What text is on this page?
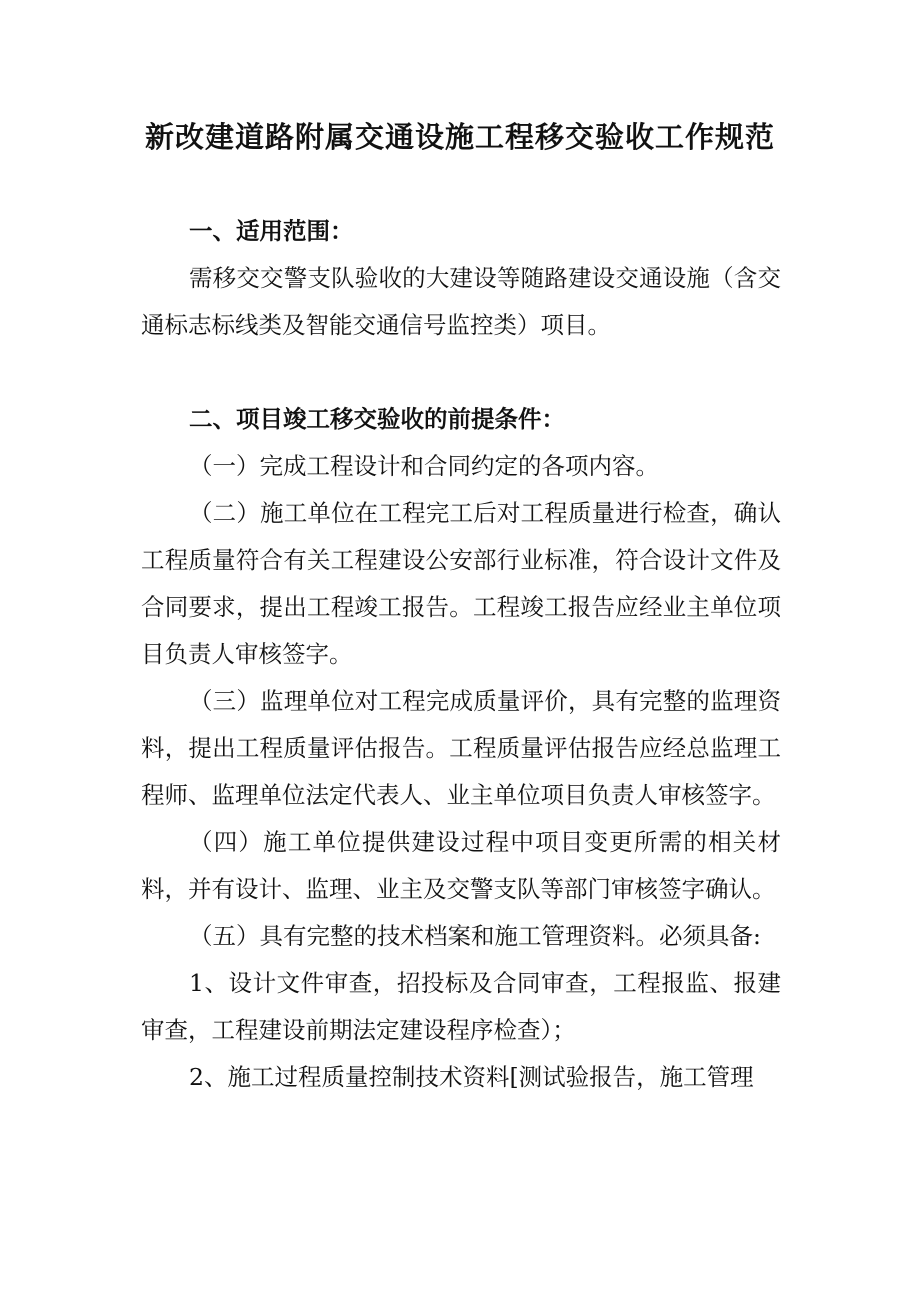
新改建道路附属交通设施工程移交验收工作规范

一、适用范围：

需移交交警支队验收的大建设等随路建设交通设施（含交通标志标线类及智能交通信号监控类）项目。

二、项目竣工移交验收的前提条件：

（一）完成工程设计和合同约定的各项内容。

（二）施工单位在工程完工后对工程质量进行检查，确认工程质量符合有关工程建设公安部行业标准，符合设计文件及合同要求，提出工程竣工报告。工程竣工报告应经业主单位项目负责人审核签字。

（三）监理单位对工程完成质量评价，具有完整的监理资料，提出工程质量评估报告。工程质量评估报告应经总监理工程师、监理单位法定代表人、业主单位项目负责人审核签字。

（四）施工单位提供建设过程中项目变更所需的相关材料，并有设计、监理、业主及交警支队等部门审核签字确认。

（五）具有完整的技术档案和施工管理资料。必须具备:

1、设计文件审查，招投标及合同审查，工程报监、报建审查，工程建设前期法定建设程序检查）；

2、施工过程质量控制技术资料[测试验报告，施工管理
